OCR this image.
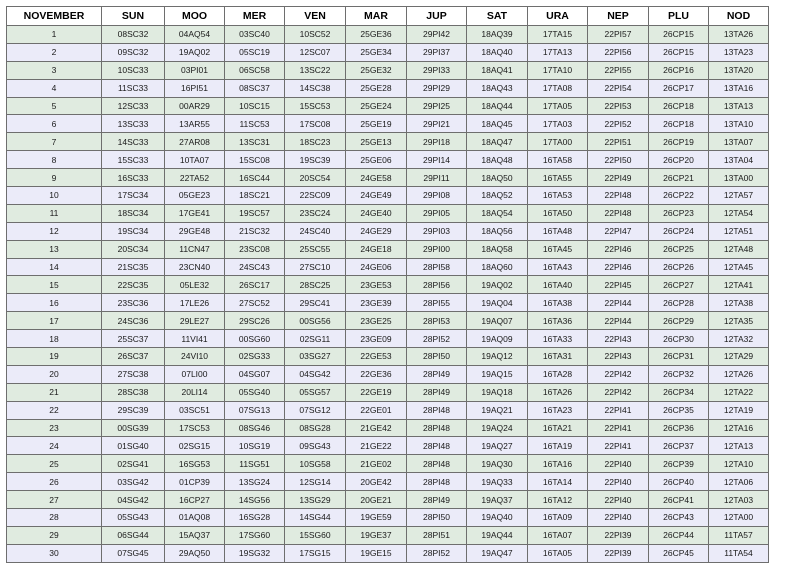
NOVEMBER	SUN	MOO	MER	VEN	MAR	JUP	SAT	URA	NEP	PLU	NOD
1	08SC32	04AQ54	03SC40	10SC52	25GE36	29PI42	18AQ39	17TA15	22PI57	26CP15	13TA26
2	09SC32	19AQ02	05SC19	12SC07	25GE34	29PI37	18AQ40	17TA13	22PI56	26CP15	13TA23
3	10SC33	03PI01	06SC58	13SC22	25GE32	29PI33	18AQ41	17TA10	22PI55	26CP16	13TA20
4	11SC33	16PI51	08SC37	14SC38	25GE28	29PI29	18AQ43	17TA08	22PI54	26CP17	13TA16
5	12SC33	00AR29	10SC15	15SC53	25GE24	29PI25	18AQ44	17TA05	22PI53	26CP18	13TA13
6	13SC33	13AR55	11SC53	17SC08	25GE19	29PI21	18AQ45	17TA03	22PI52	26CP18	13TA10
7	14SC33	27AR08	13SC31	18SC23	25GE13	29PI18	18AQ47	17TA00	22PI51	26CP19	13TA07
8	15SC33	10TA07	15SC08	19SC39	25GE06	29PI14	18AQ48	16TA58	22PI50	26CP20	13TA04
9	16SC33	22TA52	16SC44	20SC54	24GE58	29PI11	18AQ50	16TA55	22PI49	26CP21	13TA00
10	17SC34	05GE23	18SC21	22SC09	24GE49	29PI08	18AQ52	16TA53	22PI48	26CP22	12TA57
11	18SC34	17GE41	19SC57	23SC24	24GE40	29PI05	18AQ54	16TA50	22PI48	26CP23	12TA54
12	19SC34	29GE48	21SC32	24SC40	24GE29	29PI03	18AQ56	16TA48	22PI47	26CP24	12TA51
13	20SC34	11CN47	23SC08	25SC55	24GE18	29PI00	18AQ58	16TA45	22PI46	26CP25	12TA48
14	21SC35	23CN40	24SC43	27SC10	24GE06	28PI58	18AQ60	16TA43	22PI46	26CP26	12TA45
15	22SC35	05LE32	26SC17	28SC25	23GE53	28PI56	19AQ02	16TA40	22PI45	26CP27	12TA41
16	23SC36	17LE26	27SC52	29SC41	23GE39	28PI55	19AQ04	16TA38	22PI44	26CP28	12TA38
17	24SC36	29LE27	29SC26	00SG56	23GE25	28PI53	19AQ07	16TA36	22PI44	26CP29	12TA35
18	25SC37	11VI41	00SG60	02SG11	23GE09	28PI52	19AQ09	16TA33	22PI43	26CP30	12TA32
19	26SC37	24VI10	02SG33	03SG27	22GE53	28PI50	19AQ12	16TA31	22PI43	26CP31	12TA29
20	27SC38	07LI00	04SG07	04SG42	22GE36	28PI49	19AQ15	16TA28	22PI42	26CP32	12TA26
21	28SC38	20LI14	05SG40	05SG57	22GE19	28PI49	19AQ18	16TA26	22PI42	26CP34	12TA22
22	29SC39	03SC51	07SG13	07SG12	22GE01	28PI48	19AQ21	16TA23	22PI41	26CP35	12TA19
23	00SG39	17SC53	08SG46	08SG28	21GE42	28PI48	19AQ24	16TA21	22PI41	26CP36	12TA16
24	01SG40	02SG15	10SG19	09SG43	21GE22	28PI48	19AQ27	16TA19	22PI41	26CP37	12TA13
25	02SG41	16SG53	11SG51	10SG58	21GE02	28PI48	19AQ30	16TA16	22PI40	26CP39	12TA10
26	03SG42	01CP39	13SG24	12SG14	20GE42	28PI48	19AQ33	16TA14	22PI40	26CP40	12TA06
27	04SG42	16CP27	14SG56	13SG29	20GE21	28PI49	19AQ37	16TA12	22PI40	26CP41	12TA03
28	05SG43	01AQ08	16SG28	14SG44	19GE59	28PI50	19AQ40	16TA09	22PI40	26CP43	12TA00
29	06SG44	15AQ37	17SG60	15SG60	19GE37	28PI51	19AQ44	16TA07	22PI39	26CP44	11TA57
30	07SG45	29AQ50	19SG32	17SG15	19GE15	28PI52	19AQ47	16TA05	22PI39	26CP45	11TA54
